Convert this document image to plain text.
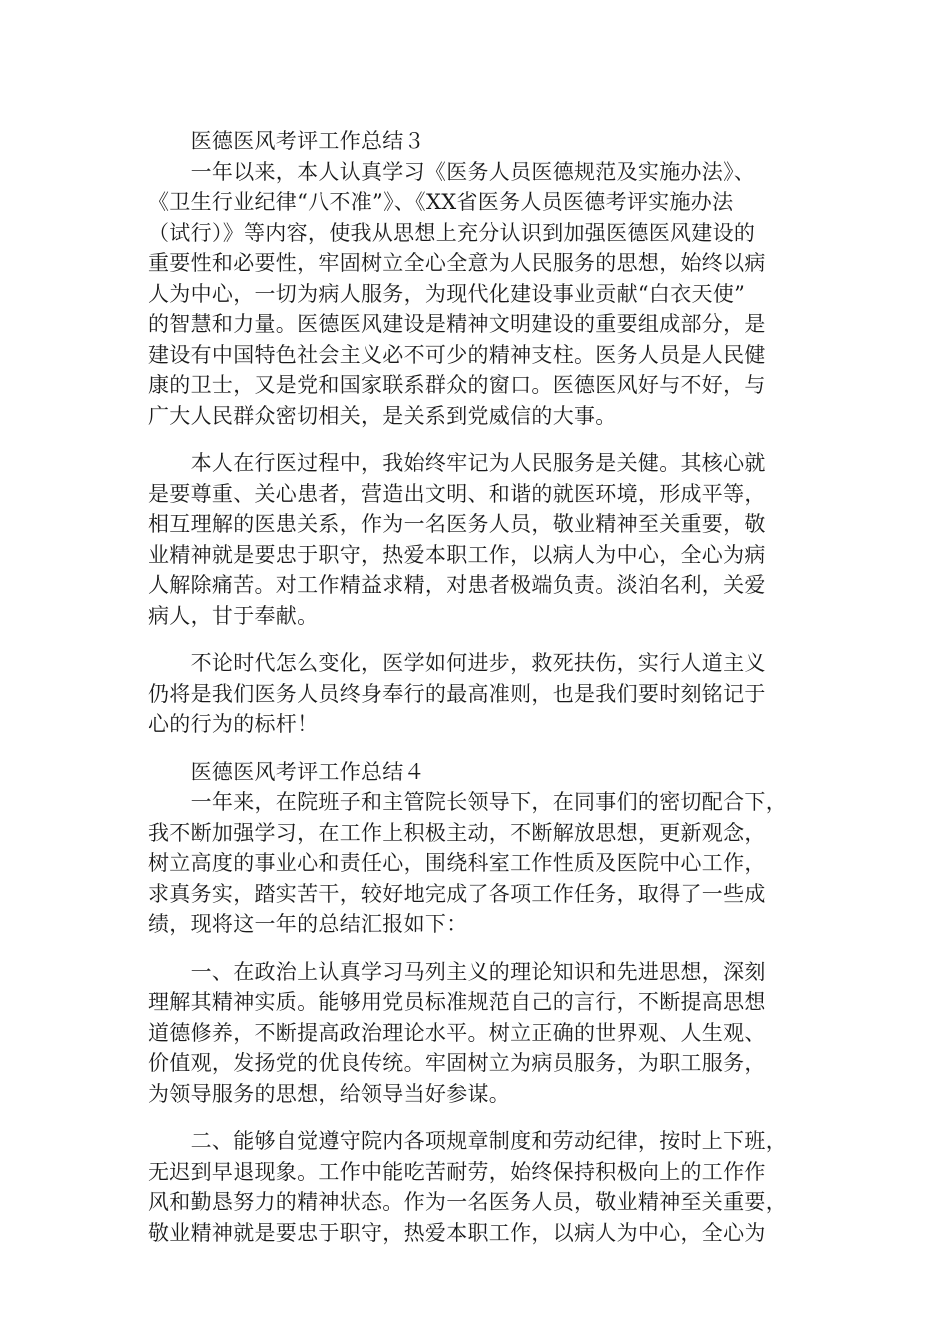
　　医德医风考评工作总结３
　　一年以来，本人认真学习《医务人员医德规范及实施办法》、
《卫生行业纪律“八不准”》、《XX省医务人员医德考评实施办法
（试行）》等内容，使我从思想上充分认识到加强医德医风建设的
重要性和必要性，牢固树立全心全意为人民服务的思想，始终以病
人为中心，一切为病人服务，为现代化建设事业贡献“白衣天使”
的智慧和力量。医德医风建设是精神文明建设的重要组成部分，是
建设有中国特色社会主义必不可少的精神支柱。医务人员是人民健
康的卫士，又是党和国家联系群众的窗口。医德医风好与不好，与
广大人民群众密切相关，是关系到党威信的大事。
　　本人在行医过程中，我始终牢记为人民服务是关健。其核心就
是要尊重、关心患者，营造出文明、和谐的就医环境，形成平等，
相互理解的医患关系，作为一名医务人员，敬业精神至关重要，敬
业精神就是要忠于职守，热爱本职工作，以病人为中心，全心为病
人解除痛苦。对工作精益求精，对患者极端负责。淡泊名利，关爱
病人，甘于奉献。
　　不论时代怎么变化，医学如何进步，救死扶伤，实行人道主义
仍将是我们医务人员终身奉行的最高准则，也是我们要时刻铭记于
心的行为的标杆！
　　医德医风考评工作总结４
　　一年来，在院班子和主管院长领导下，在同事们的密切配合下，
我不断加强学习，在工作上积极主动，不断解放思想，更新观念，
树立高度的事业心和责任心，围绕科室工作性质及医院中心工作，
求真务实，踏实苦干，较好地完成了各项工作任务，取得了一些成
绩，现将这一年的总结汇报如下：
　　一、在政治上认真学习马列主义的理论知识和先进思想，深刻
理解其精神实质。能够用党员标准规范自己的言行，不断提高思想
道德修养，不断提高政治理论水平。树立正确的世界观、人生观、
价值观，发扬党的优良传统。牢固树立为病员服务，为职工服务，
为领导服务的思想，给领导当好参谋。
　　二、能够自觉遵守院内各项规章制度和劳动纪律，按时上下班，
无迟到早退现象。工作中能吃苦耐劳，始终保持积极向上的工作作
风和勤恳努力的精神状态。作为一名医务人员，敬业精神至关重要，
敬业精神就是要忠于职守，热爱本职工作，以病人为中心，全心为
